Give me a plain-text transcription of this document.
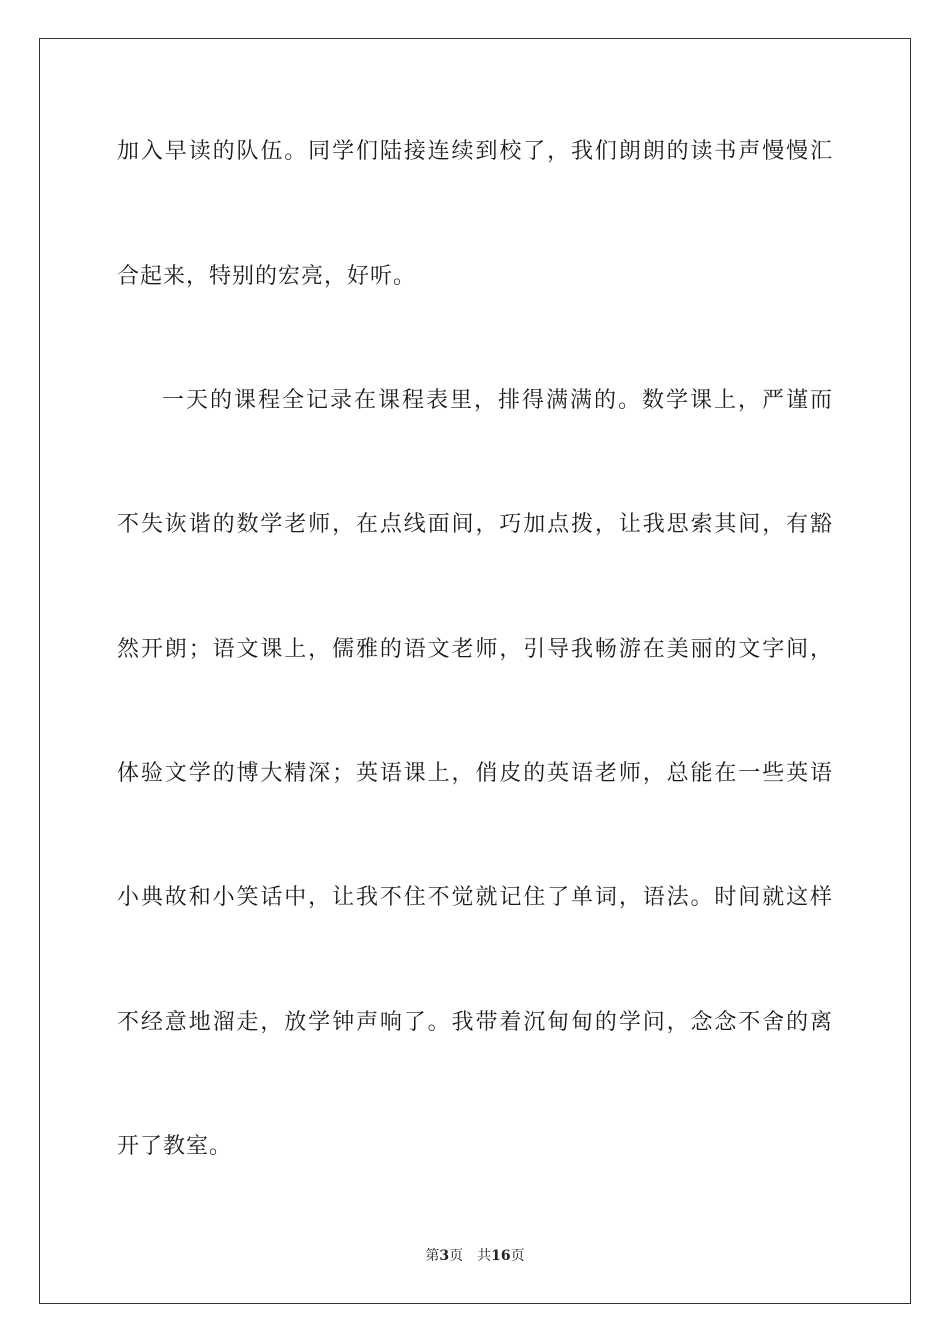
加入早读的队伍。同学们陆接连续到校了，我们朗朗的读书声慢慢汇
合起来，特别的宏亮，好听。
一天的课程全记录在课程表里，排得满满的。数学课上，严谨而
不失诙谐的数学老师，在点线面间，巧加点拨，让我思索其间，有豁
然开朗；语文课上，儒雅的语文老师，引导我畅游在美丽的文字间，
体验文学的博大精深；英语课上，俏皮的英语老师，总能在一些英语
小典故和小笑话中，让我不住不觉就记住了单词，语法。时间就这样
不经意地溜走，放学钟声响了。我带着沉甸甸的学问，念念不舍的离
开了教室。
第3页 共16页
